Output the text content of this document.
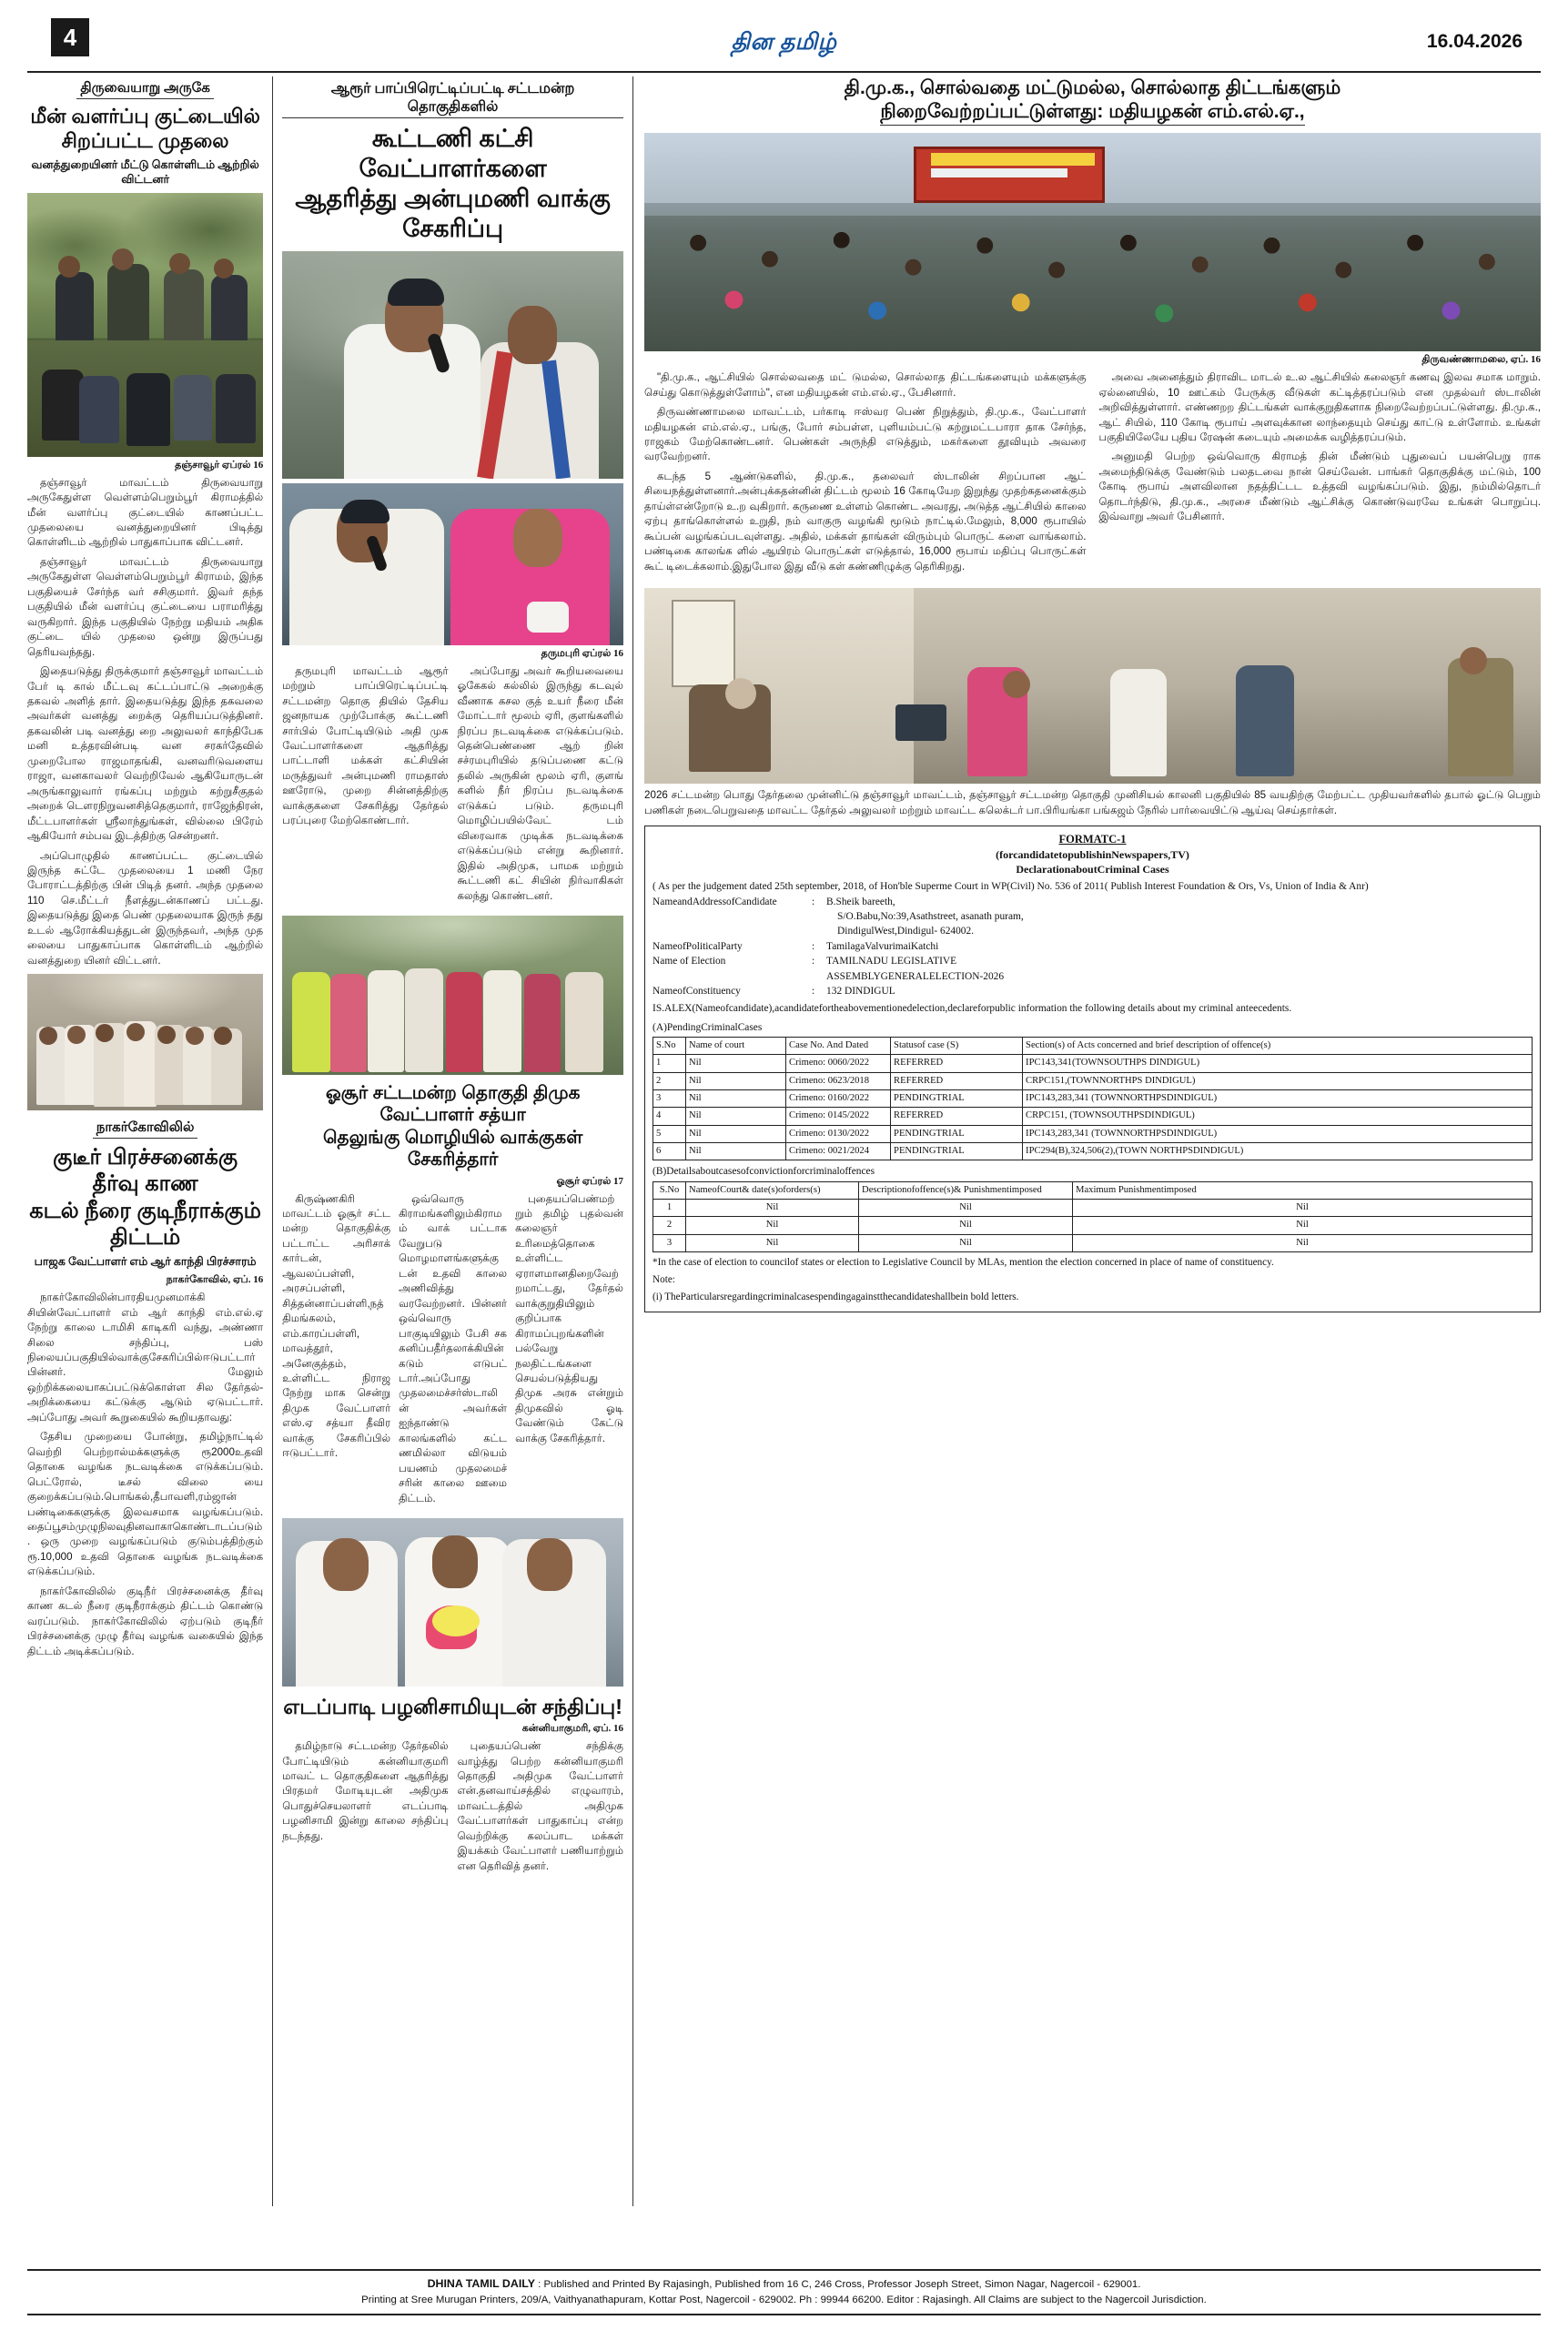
4	தின தமிழ்	16.04.2026
திருவையாறு அருகே
மீன் வளர்ப்பு குட்டையில் சிறப்பட்ட முதலை
வனத்துறையினர் மீட்டு கொள்ளிடம் ஆற்றில் விட்டனர்
தஞ்சாவூர் ஏப்ரல் 16

தஞ்சாவூர் மாவட்டம் திருவையாறு அருகேதுள்ள வெள்ளம்பெறும்பூர் கிராமத்தில் மீன் வளர்ப்பு குட்டையில் காணப்பட்ட முதலையை வனத்துறையினர் பிடித்து கொள்ளிடம் ஆற்றில் பாதுகாப்பாக விட்டனர்.

தஞ்சாவூர் மாவட்டம் திருவையாறு அருகேதுள்ள வெள்ளம்பெறும்பூர் கிராமம், இந்த பகுதியைச் சேர்ந்த வர் சசிகுமார். இவர் தந்த பகுதியில் மீன் வளர்ப்பு குட்டையை பராமரித்து வருகிறார். இந்த பகுதியில் நேற்று மதியம் அதிக குட்டை யில் முதலை ஒன்று இருப்பது தெரியவந்தது.

இதையடுத்து திருக்குமார் தஞ்சாவூர் மாவட்டம் பேர் டி கால் மீட்டவு கட்டப்பாட்டு அறைக்கு தகவல் அளித் தார். இதையடுத்து இந்த தகவலை அவர்கள் வனத்து றைக்கு தெரியப்படுத்தினர். தகவலின் படி வனத்து றை அலுவலர் காந்திபேக மனி உத்தரவின்படி வன சரகர்தேவில் முறைபோல ராஜமாதங்கி, வனவரிடுவளைய ராஜா, வனகாவலர் வெற்றிவேல் ஆகியோருடன் அருங்காலுவார் ரங்கப்பு மற்றும் கற்றுசீகுதல் அறைக் டௌரநிறுவனசித்தெகுமார், ராஜேந்திரன், மீட்டபாளர்கள் ஸ்ரீலாந்துங்கள், வில்லை பிரேம் ஆகியோர் சம்பவ இடத்திற்கு சென்றனர்.

அப்பொழுதில் காணப்பட்ட குட்டையில் இருந்த சுட்டே முதலையை 1 மணி நேர போராட்டத்திற்கு பின் பிடித் தனர். அந்த முதலை 110 செ.மீட்டர் நீளத்துடன்காணப் பட்டது. இதையடுத்து இதை பெண் முதலையாக இருந் தது உடல் ஆரோக்கியத்துடன் இருந்தவர், அந்த முத லையை பாதுகாப்பாக கொள்ளிடம் ஆற்றில் வனத்துறை யினர் விட்டனர்.

நாகர்கோவிலில்
குடீர் பிரச்சனைக்கு தீர்வு காண
கடல் நீரை குடிநீராக்கும் திட்டம்
பாஜக வேட்பாளர் எம் ஆர் காந்தி பிரச்சாரம்
நாகர்கோவில், ஏப். 16

நாகர்கோவிலின்பாரதியமுனமாக்கி சியின்வேட்பாளர் எம் ஆர் காந்தி எம்.எல்.ஏ நேற்று காலை டாமிசி காடிகரி வந்து, அண்ணா சிலை சந்திப்பு, பஸ் நிலையப்பகுதியில்வாக்குசேகரிப்பில்ஈடுபட்டார் பின்னர். மேலும் ஒற்றிக்கலையாகப்பட்டுக்கொள்ள சில தேர்தல்-அறிக்கையை கட்டுக்கு ஆடும் ஏடுபட்டார். அப்போது அவர் கூறுகையில் கூறியதாவது:

தேசிய முறையை போன்று, தமிழ்நாட்டில் வெற்றி பெற்றால்மக்களுக்கு ரூ2000உதவி தொகை வழங்க நடவடிக்கை எடுக்கப்படும். பெட்ரோல், டீசல் விலை யை குறைக்கப்படும்.பொங்கல்,தீபாவளி,ரம்ஜான் பண்டிகைகளுக்கு இலவசமாக வழங்கப்படும். தைப்பூசம்முழுநிலவுதினவாகாகொண்டாடப்படும். ஒரு முறை வழங்கப்படும் குடும்பத்திற்கும் ரூ.10,000 உதவி தொகை வழங்க நடவடிக்கை எடுக்கப்படும்.

நாகர்கோவிலில் குடிநீர் பிரச்சனைக்கு தீர்வு காண கடல் நீரை குடிநீராக்கும் திட்டம் கொண்டு வரப்படும். நாகர்கோவிலில் ஏற்படும் குடிநீர் பிரச்சனைக்கு முழு தீர்வு வழங்க வகையில் இந்த திட்டம் அடிக்கப்படும்.

ஆரூர் பாப்பிரெட்டிப்பட்டி சட்டமன்ற தொகுதிகளில்
கூட்டணி கட்சி வேட்பாளர்களை
ஆதரித்து அன்புமணி வாக்கு சேகரிப்பு
தருமபுரி ஏப்ரல் 16

தருமபுரி மாவட்டம் ஆரூர் மற்றும் பாப்பிரெட்டிப்பட்டி சட்டமன்ற தொகு தியில் தேசிய ஜனநாயக முற்போக்கு கூட்டணி சார்பில் போட்டியிடும் அதி முக வேட்பாளர்களை ஆதரித்து பாட்டாளி மக்கள் கட்சியின் மருத்துவர் அன்புமணி ராமதாஸ் ஊரோடு, முறை சின்னத்திற்கு வாக்குகளை சேகரித்து தேர்தல் பரப்புரை மேற்கொண்டார்.

அப்போது அவர் கூறியவையை ஓகேகல் கல்லில் இருந்து கடவுல் வீணாக கசல குத் உயர் நீரை மீன் மோட்டார் மூலம் ஏரி, குளங்களில் நிரப்ப நடவடிக்கை எடுக்கப்படும். தென்பெண்ணை ஆற் றின் சச்ரமபுரியில் தடுப்பணை கட்டு தலில் அருகின் மூலம் ஏரி, குளங் களில் நீர் நிரப்ப நடவடிக்கை எடுக்கப் படும். தருமபுரி மொழிப்பயில்வேட் டம் விரைவாக முடிக்க நடவடிக்கை எடுக்கப்படும் என்று கூறினார். இதில் அதிமுக, பாமக மற்றும் கூட்டணி கட் சியின் நிர்வாகிகள் கலந்து கொண்டனர்.

ஓசூர் சட்டமன்ற தொகுதி திமுக வேட்பாளர் சத்யா
தெலுங்கு மொழியில் வாக்குகள் சேகரித்தார்
ஓசூர் ஏப்ரல் 17

கிருஷ்ணகிரி மாவட்டம் ஓசூர் சட்ட மன்ற தொகுதிக்கு பட்டாட்ட அரிசாக் கார்டன், ஆவலப்பள்ளி, அரசப்பள்ளி, சித்தன்னாப்பள்ளி,நத்திமங்கலம், எம்.காரப்பள்ளி, மாவத்தூர், அனேகுத்தம், உள்ளிட்ட நிராஜ நேற்று மாக சென்று திமுக வேட்பாளர் எஸ்.ஏ சத்யா தீவிர வாக்கு சேகரிப்பில் ஈடுபட்டார்.

ஒவ்வொரு கிராமங்களிலும்கிராமம் வாக் பட்டாக வேறுபடு மொழமாளங்களுக்கு டன் உதவி காலை அணிவித்து வரவேற்றனர். பின்னர் ஒவ்வொரு பாகுடியிலும் பேசி சக கனிப்பதீர்தலாக்கியின் கடும் எடுபட் டார்.அப்போது முதலமைச்சர்ஸ்டாலின் அவர்கள் ஐந்தாண்டு காலங்களில் கட்ட ணமில்லா விடுயம் பயணம் முதலமைச் சரின் காலை ஊமை திட்டம்.

புதையப்பெண்மற்றும் தமிழ் புதல்வன் கலைஞர் உரிமைத்தொகை உள்ளிட்ட ஏராளமானதிறைவேற்றமாட்டது, தேர்தல் வாக்குறுதியிலும் குறிப்பாக கிராமப்புறங்களின் பல்வேறு நலதிட்டங்களை செயல்படுத்தியது திமுக அரசு என்றும் திமுகவில் ஓடி வேண்டும் கேட்டு வாக்கு சேகரித்தார்.

எடப்பாடி பழனிசாமியுடன் சந்திப்பு!
கன்னியாகுமரி, ஏப். 16

தமிழ்நாடு சட்டமன்ற தேர்தலில் போட்டியிடும் கன்னியாகுமரி மாவட் ட தொகுதிகளை ஆதரித்து பிரதமர் மோடியுடன் அதிமுக பொதுச்செயலாளர் எடப்பாடி பழனிசாமி இன்று காலை சந்திப்பு நடந்தது.

புதையப்பெண் சந்திக்கு வாழ்த்து பெற்ற கன்னியாகுமரி தொகுதி அதிமுக வேட்பாளர் என்.தனவாய்சத்தில் எழுவாரம், மாவட்டத்தில் அதிமுக வேட்பாளர்கள் பாதுகாப்பு என்ற வெற்றிக்கு கலப்பாட மக்கள் இயக்கம் வேட்பாளர் பணியாற்றும் என தெரிவித் தனர்.

தி.மு.க., சொல்வதை மட்டுமல்ல, சொல்லாத திட்டங்களும்
நிறைவேற்றப்பட்டுள்ளது: மதியழகன் எம்.எல்.ஏ.,
திருவண்ணாமலை, ஏப். 16

"தி.மு.க., ஆட்சியில் சொல்லவதை மட் டுமல்ல, சொல்லாத திட்டங்களையும் மக்களுக்கு செய்து கொடுத்துள்ளோம்", என மதியழகன் எம்.எல்.ஏ., பேசினார்.

திருவண்ணாமலை மாவட்டம், பர்காடி ஈஸ்வர பெண் நிறுத்தும், தி.மு.க., வேட்பாளர் மதியழகன் எம்.எல்.ஏ., பங்கு, போர் சம்பள்ள, புளியம்பட்டு கற்றுமட்டபாரா தாக சேர்ந்த, ராஜகம் மேற்கொண்டனர். பெண்கள் அருந்தி எடுத்தும், மகர்களை தூவியும் அவரை வரவேற்றனர்.

கடந்த 5 ஆண்டுகளில், தி.மு.க., தலைவர் ஸ்டாலின் சிறப்பான ஆட் சியைநத்துள்ளனார்.அன்புக்கதன்னின் திட்டம் மூலம் 16 கோடியேற இறுந்து முதற்கதனைக்கும் தாய்ள்என்றோடு உ.ற வுகிறார். கருணை உள்ளம் கொண்ட அவரது, அடுத்த ஆட்சியில் காலை ஏற்பு தாங்கொள்ளல் உறுதி, நம் வாகுரு வழங்கி மூடும் நாட்டில்.மேலும், 8,000 ரூபாயில் கூப்பன் வழங்கப்படவுள்ளது. அதில், மக்கள் தாங்கள் விரும்பும் பொருட் களை வாங்கலாம். பண்டிகை காலங்க ளில் ஆயிரம் பொருட்கள் எடுத்தால், 16,000 ரூபாய் மதிப்பு பொருட்கள் கூட் டிடைக்கலாம்.இதுபோல இது வீடு கள் கண்ணிழுக்கு தெரிகிறது.

அவை அனைத்தும் திராவிட மாடல் உ.ல ஆட்சியில் கலைஞர் கணவு இலவ சமாக மாறும். ஏல்னையில், 10 ஊட்கம் பேருக்கு வீடுகள் கட்டித்தரப்படும் என முதல்வர் ஸ்டாலின் அறிவித்துள்ளார். எண்ணறற திட்டங்கள் வாக்குறுதிகளாக நிறைவேற்றப்பட்டுள்ளது. தி.மு.க., ஆட் சியில், 110 கோடி ரூபாய் அளவுக்கான லாந்தையும் செய்து காட்டு உள்ளோம். உங்கள் பகுதியிலேயே புதிய ரேஷன் கடையும் அமைக்க வழித்தரப்படும்.

அனுமதி பெற்ற ஒவ்வொரு கிராமத் தின் மீண்டும் புதுவைப் பயன்பெறு ராக அமைந்திடுக்கு வேண்டும் பலதடவை நான் செய்வேன். பாங்கர் தொகுதிக்கு மட்டும், 100 கோடி ரூபாய் அளவிலான நதத்திட்டட உத்தவி வழங்கப்படும். இது, நம்மில்தொடர் தொடர்ந்திடு, தி.மு.க., அரசை மீண்டும் ஆட்சிக்கு கொண்டுவரவே உங்கள் பொறுப்பு. இவ்வாறு அவர் பேசினார்.

2026 சட்டமன்ற பொது தேர்தலை முன்னிட்டு தஞ்சாவூர் மாவட்டம், தஞ்சாவூர் சட்டமன்ற தொகுதி முனிசியல் காலனி பகுதியில் 85 வயதிற்கு மேற்பட்ட முதியவர்களில் தபால் ஓட்டு பெறும் பணிகள் நடைபெறுவதை மாவட்ட தேர்தல் அலுவலர் மற்றும் மாவட்ட கலெக்டர் பா.பிரியங்கா பங்கஜம் நேரில் பார்வையிட்டு ஆய்வு செய்தார்கள்.

FORMATC-1
(forcandidatetopublishinNewspapers,TV)
DeclarationaboutCriminal Cases
( As per the judgement dated 25th september, 2018, of Hon'ble Superme Court in WP(Civil) No. 536 of 2011( Publish Interest Foundation & Ors, Vs, Union of India & Anr)
NameandAddressofCandidate	:	B.Sheik bareeth,
S/O.Babu,No:39,Asathstreet, asanath puram,
DindigulWest,Dindigul- 624002.
NameofPoliticalParty	:	TamilagaValvurimaiKatchi
Name of Election	:	TAMILNADU LEGISLATIVE
ASSEMBLYGENERALELECTION-2026
NameofConstituency	:	132 DINDIGUL
IS.ALEX(Nameofcandidate),acandidatefortheabovementionedelection,declareforpublic information the following details about my criminal anteecedents.
(A)PendingCriminalCases
S.No	Name of court	Case No. And Dated	Statusof case (S)	Section(s) of Acts concerned and brief description of offence(s)
1	Nil	Crimeno: 0060/2022	REFERRED	IPC143,341(TOWNSOUTHPS DINDIGUL)
2	Nil	Crimeno: 0623/2018	REFERRED	CRPC151,(TOWNNORTHPS DINDIGUL)
3	Nil	Crimeno: 0160/2022	PENDINGTRIAL	IPC143,283,341 (TOWNNORTHPSDINDIGUL)
4	Nil	Crimeno: 0145/2022	REFERRED	CRPC151, (TOWNSOUTHPSDINDIGUL)
5	Nil	Crimeno: 0130/2022	PENDINGTRIAL	IPC143,283,341 (TOWNNORTHPSDINDIGUL)
6	Nil	Crimeno: 0021/2024	PENDINGTRIAL	IPC294(B),324,506(2),(TOWN NORTHPSDINDIGUL)
(B)Detailsaboutcasesofconvictionforcriminaloffences
S.No	NameofCourt& date(s)oforders(s)	Descriptionofoffence(s)& Punishmentimposed	Maximum Punishmentimposed
1	Nil	Nil	Nil
2	Nil	Nil	Nil
3	Nil	Nil	Nil
*In the case of election to councilof states or election to Legislative Council by MLAs, mention the election concerned in place of name of constituency.
Note:
(i) TheParticularsregardingcriminalcasespendingagainstthecandidateshallbein bold letters.
DHINA TAMIL DAILY : Published and Printed By Rajasingh, Published from 16 C, 246 Cross, Professor Joseph Street, Simon Nagar, Nagercoil - 629001.
Printing at Sree Murugan Printers, 209/A, Vaithyanathapuram, Kottar Post, Nagercoil - 629002. Ph : 99944 66200. Editor : Rajasingh. All Claims are subject to the Nagercoil Jurisdiction.
